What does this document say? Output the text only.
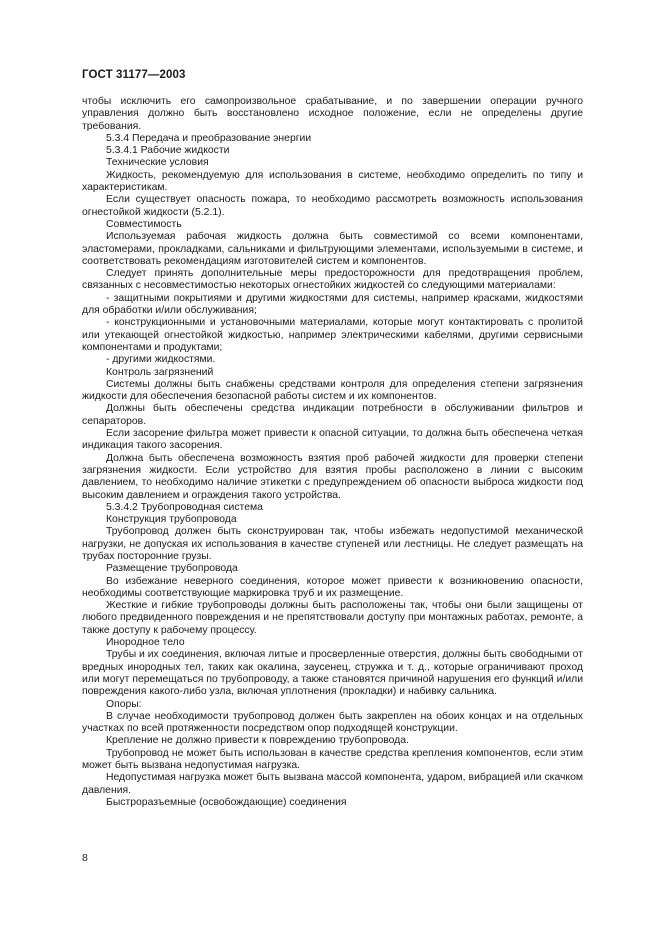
ГОСТ 31177—2003

чтобы исключить его самопроизвольное срабатывание, и по завершении операции ручного управления должно быть восстановлено исходное положение, если не определены другие требования.

5.3.4 Передача и преобразование энергии

5.3.4.1 Рабочие жидкости

Технические условия

Жидкость, рекомендуемую для использования в системе, необходимо определить по типу и характеристикам.

Если существует опасность пожара, то необходимо рассмотреть возможность использования огнестойкой жидкости (5.2.1).

Совместимость

Используемая рабочая жидкость должна быть совместимой со всеми компонентами, эластомерами, прокладками, сальниками и фильтрующими элементами, используемыми в системе, и соответствовать рекомендациям изготовителей систем и компонентов.

Следует принять дополнительные меры предосторожности для предотвращения проблем, связанных с несовместимостью некоторых огнестойких жидкостей со следующими материалами:

- защитными покрытиями и другими жидкостями для системы, например красками, жидкостями для обработки и/или обслуживания;

- конструкционными и установочными материалами, которые могут контактировать с пролитой или утекающей огнестойкой жидкостью, например электрическими кабелями, другими сервисными компонентами и продуктами;

- другими жидкостями.

Контроль загрязнений

Системы должны быть снабжены средствами контроля для определения степени загрязнения жидкости для обеспечения безопасной работы систем и их компонентов.

Должны быть обеспечены средства индикации потребности в обслуживании фильтров и сепараторов.

Если засорение фильтра может привести к опасной ситуации, то должна быть обеспечена четкая индикация такого засорения.

Должна быть обеспечена возможность взятия проб рабочей жидкости для проверки степени загрязнения жидкости. Если устройство для взятия пробы расположено в линии с высоким давлением, то необходимо наличие этикетки с предупреждением об опасности выброса жидкости под высоким давлением и ограждения такого устройства.

5.3.4.2 Трубопроводная система

Конструкция трубопровода

Трубопровод должен быть сконструирован так, чтобы избежать недопустимой механической нагрузки, не допуская их использования в качестве ступеней или лестницы. Не следует размещать на трубах посторонние грузы.

Размещение трубопровода

Во избежание неверного соединения, которое может привести к возникновению опасности, необходимы соответствующие маркировка труб и их размещение.

Жесткие и гибкие трубопроводы должны быть расположены так, чтобы они были защищены от любого предвиденного повреждения и не препятствовали доступу при монтажных работах, ремонте, а также доступу к рабочему процессу.

Инородное тело

Трубы и их соединения, включая литые и просверленные отверстия, должны быть свободными от вредных инородных тел, таких как окалина, заусенец, стружка и т. д., которые ограничивают проход или могут перемещаться по трубопроводу, а также становятся причиной нарушения его функций и/или повреждения какого-либо узла, включая уплотнения (прокладки) и набивку сальника.

Опоры:

В случае необходимости трубопровод должен быть закреплен на обоих концах и на отдельных участках по всей протяженности посредством опор подходящей конструкции.

Крепление не должно привести к повреждению трубопровода.

Трубопровод не может быть использован в качестве средства крепления компонентов, если этим может быть вызвана недопустимая нагрузка.

Недопустимая нагрузка может быть вызвана массой компонента, ударом, вибрацией или скачком давления.

Быстроразъемные (освобождающие) соединения

8
